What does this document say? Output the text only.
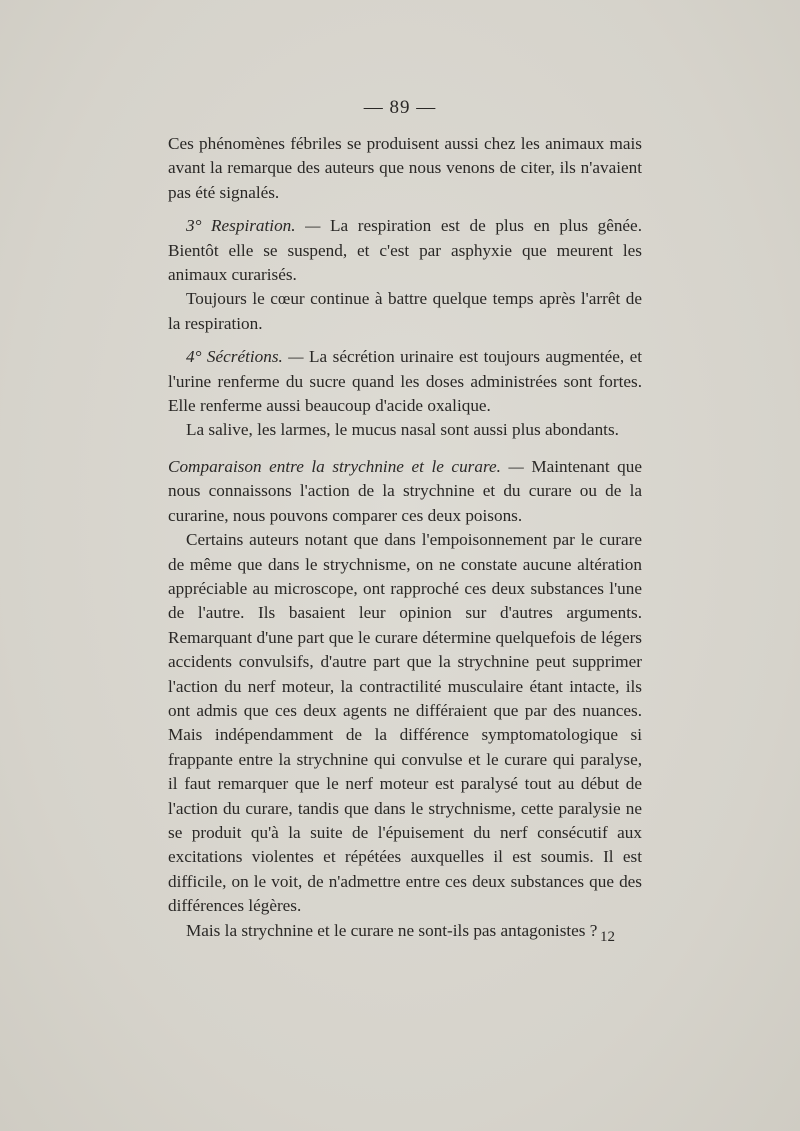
— 89 —

Ces phénomènes fébriles se produisent aussi chez les animaux mais avant la remarque des auteurs que nous venons de citer, ils n'avaient pas été signalés.

3° Respiration. — La respiration est de plus en plus gênée. Bientôt elle se suspend, et c'est par asphyxie que meurent les animaux curarisés.

Toujours le cœur continue à battre quelque temps après l'arrêt de la respiration.

4° Sécrétions. — La sécrétion urinaire est toujours augmentée, et l'urine renferme du sucre quand les doses administrées sont fortes. Elle renferme aussi beaucoup d'acide oxalique.

La salive, les larmes, le mucus nasal sont aussi plus abondants.

Comparaison entre la strychnine et le curare. — Maintenant que nous connaissons l'action de la strychnine et du curare ou de la curarine, nous pouvons comparer ces deux poisons.

Certains auteurs notant que dans l'empoisonnement par le curare de même que dans le strychnisme, on ne constate aucune altération appréciable au microscope, ont rapproché ces deux substances l'une de l'autre. Ils basaient leur opinion sur d'autres arguments. Remarquant d'une part que le curare détermine quelquefois de légers accidents convulsifs, d'autre part que la strychnine peut supprimer l'action du nerf moteur, la contractilité musculaire étant intacte, ils ont admis que ces deux agents ne différaient que par des nuances. Mais indépendamment de la différence symptomatologique si frappante entre la strychnine qui convulse et le curare qui paralyse, il faut remarquer que le nerf moteur est paralysé tout au début de l'action du curare, tandis que dans le strychnisme, cette paralysie ne se produit qu'à la suite de l'épuisement du nerf consécutif aux excitations violentes et répétées auxquelles il est soumis. Il est difficile, on le voit, de n'admettre entre ces deux substances que des différences légères.

Mais la strychnine et le curare ne sont-ils pas antagonistes ? 12
